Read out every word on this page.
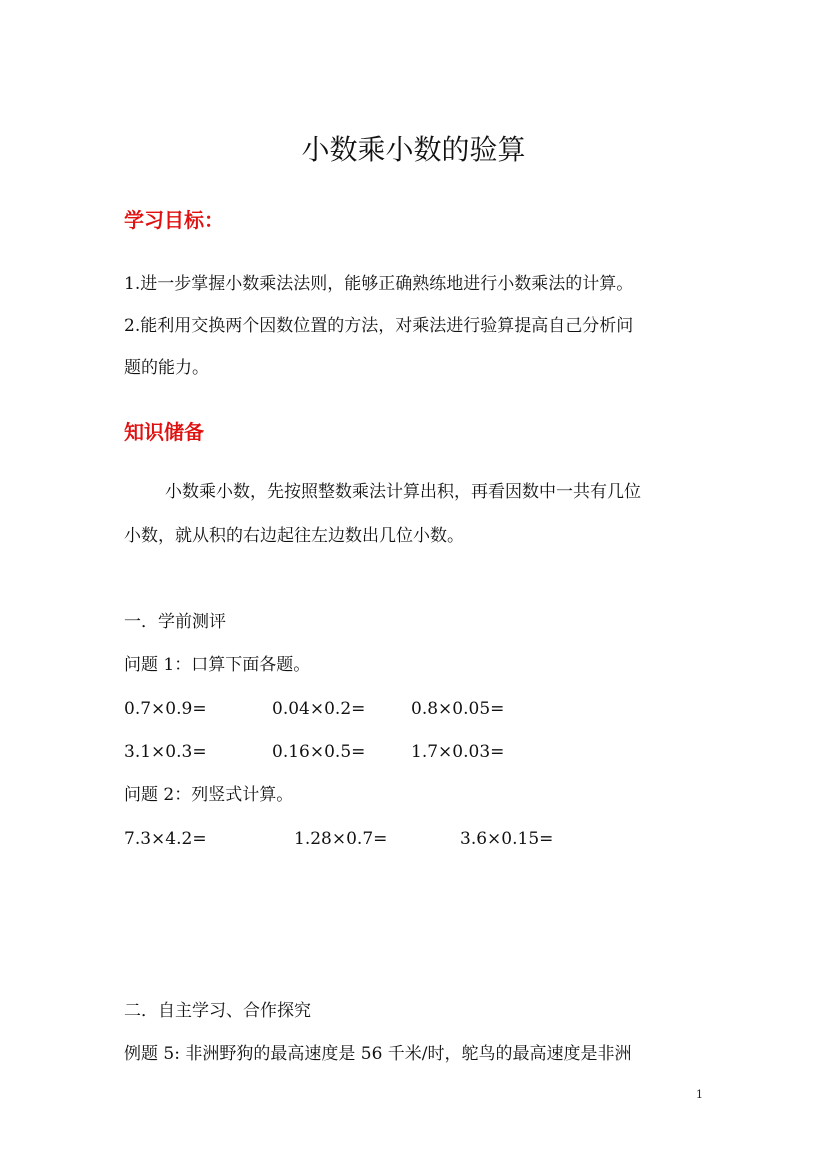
小数乘小数的验算
学习目标：
1.进一步掌握小数乘法法则，能够正确熟练地进行小数乘法的计算。
2.能利用交换两个因数位置的方法，对乘法进行验算提高自己分析问
题的能力。
知识储备
小数乘小数，先按照整数乘法计算出积，再看因数中一共有几位
小数，就从积的右边起往左边数出几位小数。
一．学前测评
问题 1：口算下面各题。
0.7×0.9=	0.04×0.2=	0.8×0.05=
3.1×0.3=	0.16×0.5=	1.7×0.03=
问题 2：列竖式计算。
7.3×4.2=	1.28×0.7=	3.6×0.15=
二．自主学习、合作探究
例题 5: 非洲野狗的最高速度是 56 千米/时，鸵鸟的最高速度是非洲
1
